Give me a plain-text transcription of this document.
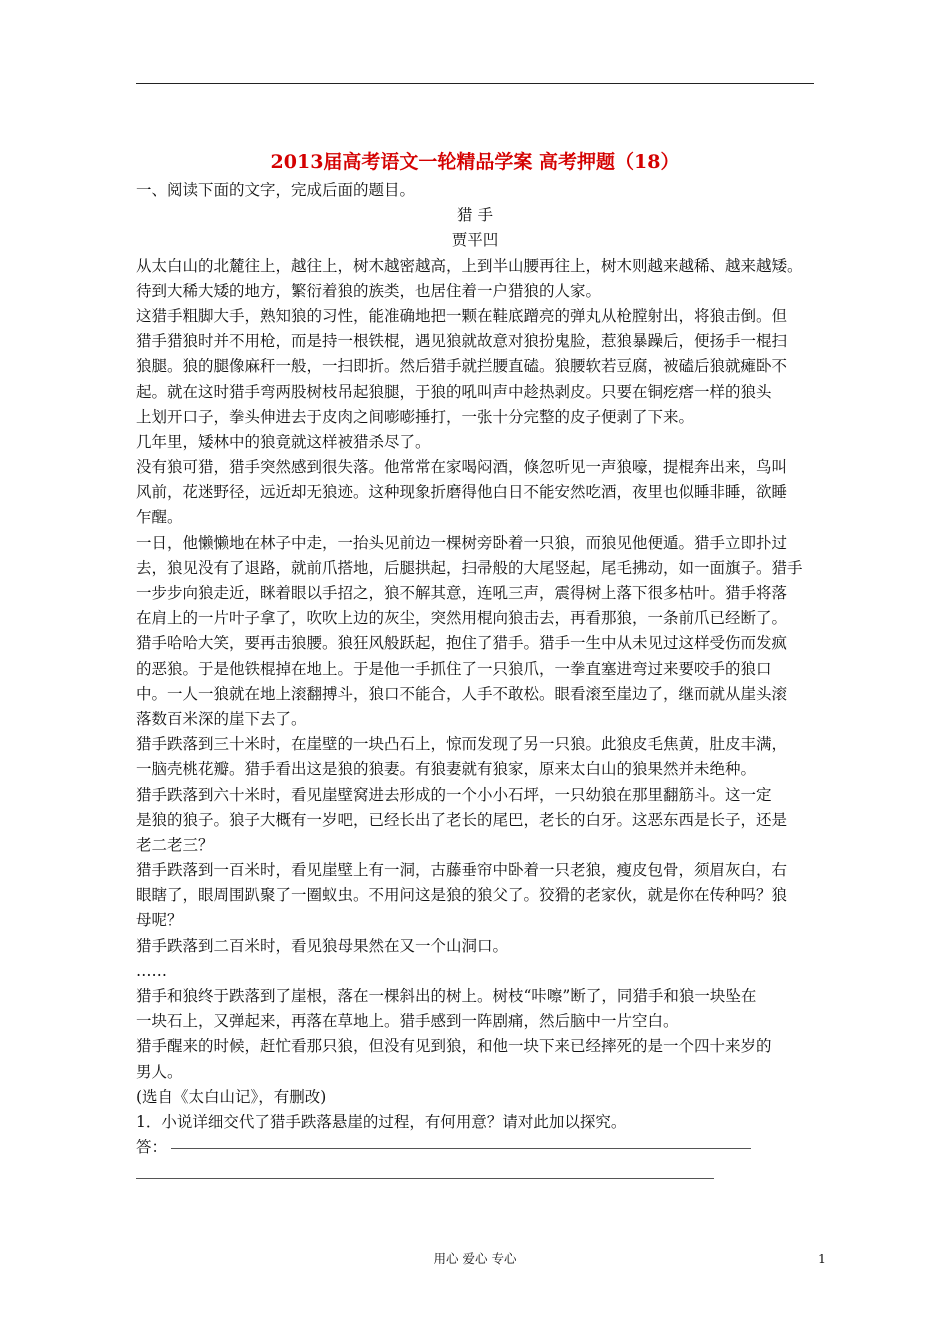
2013届高考语文一轮精品学案 高考押题（18）
一、阅读下面的文字，完成后面的题目。
猎 手
贾平凹
从太白山的北麓往上，越往上，树木越密越高，上到半山腰再往上，树木则越来越稀、越来越矮。
待到大稀大矮的地方，繁衍着狼的族类，也居住着一户猎狼的人家。
这猎手粗脚大手，熟知狼的习性，能准确地把一颗在鞋底蹭亮的弹丸从枪膛射出，将狼击倒。但
猎手猎狼时并不用枪，而是持一根铁棍，遇见狼就故意对狼扮鬼脸，惹狼暴躁后，便扬手一棍扫
狼腿。狼的腿像麻秆一般，一扫即折。然后猎手就拦腰直磕。狼腰软若豆腐，被磕后狼就瘫卧不
起。就在这时猎手弯两股树枝吊起狼腿，于狼的吼叫声中趁热剥皮。只要在铜疙瘩一样的狼头
上划开口子，拳头伸进去于皮肉之间嘭嘭捶打，一张十分完整的皮子便剥了下来。
几年里，矮林中的狼竟就这样被猎杀尽了。
没有狼可猎，猎手突然感到很失落。他常常在家喝闷酒，倏忽听见一声狼嚎，提棍奔出来，鸟叫
风前，花迷野径，远近却无狼迹。这种现象折磨得他白日不能安然吃酒，夜里也似睡非睡，欲睡
乍醒。
一日，他懒懒地在林子中走，一抬头见前边一棵树旁卧着一只狼，而狼见他便遁。猎手立即扑过
去，狼见没有了退路，就前爪搭地，后腿拱起，扫帚般的大尾竖起，尾毛拂动，如一面旗子。猎手
一步步向狼走近，眯着眼以手招之，狼不解其意，连吼三声，震得树上落下很多枯叶。猎手将落
在肩上的一片叶子拿了，吹吹上边的灰尘，突然用棍向狼击去，再看那狼，一条前爪已经断了。
猎手哈哈大笑，要再击狼腰。狼狂风般跃起，抱住了猎手。猎手一生中从未见过这样受伤而发疯
的恶狼。于是他铁棍掉在地上。于是他一手抓住了一只狼爪，一拳直塞进弯过来要咬手的狼口
中。一人一狼就在地上滚翻搏斗，狼口不能合，人手不敢松。眼看滚至崖边了，继而就从崖头滚
落数百米深的崖下去了。
猎手跌落到三十米时，在崖壁的一块凸石上，惊而发现了另一只狼。此狼皮毛焦黄，肚皮丰满，
一脑壳桃花瓣。猎手看出这是狼的狼妻。有狼妻就有狼家，原来太白山的狼果然并未绝种。
猎手跌落到六十米时，看见崖壁窝进去形成的一个小小石坪，一只幼狼在那里翻筋斗。这一定
是狼的狼子。狼子大概有一岁吧，已经长出了老长的尾巴，老长的白牙。这恶东西是长子，还是
老二老三？
猎手跌落到一百米时，看见崖壁上有一洞，古藤垂帘中卧着一只老狼，瘦皮包骨，须眉灰白，右
眼瞎了，眼周围趴聚了一圈蚁虫。不用问这是狼的狼父了。狡猾的老家伙，就是你在传种吗？狼
母呢？
猎手跌落到二百米时，看见狼母果然在又一个山洞口。
……
猎手和狼终于跌落到了崖根，落在一棵斜出的树上。树枝“咔嚓”断了，同猎手和狼一块坠在
一块石上，又弹起来，再落在草地上。猎手感到一阵剧痛，然后脑中一片空白。
猎手醒来的时候，赶忙看那只狼，但没有见到狼，和他一块下来已经摔死的是一个四十来岁的
男人。
(选自《太白山记》，有删改)
1．小说详细交代了猎手跌落悬崖的过程，有何用意？请对此加以探究。
答：
用心 爱心 专心	1
